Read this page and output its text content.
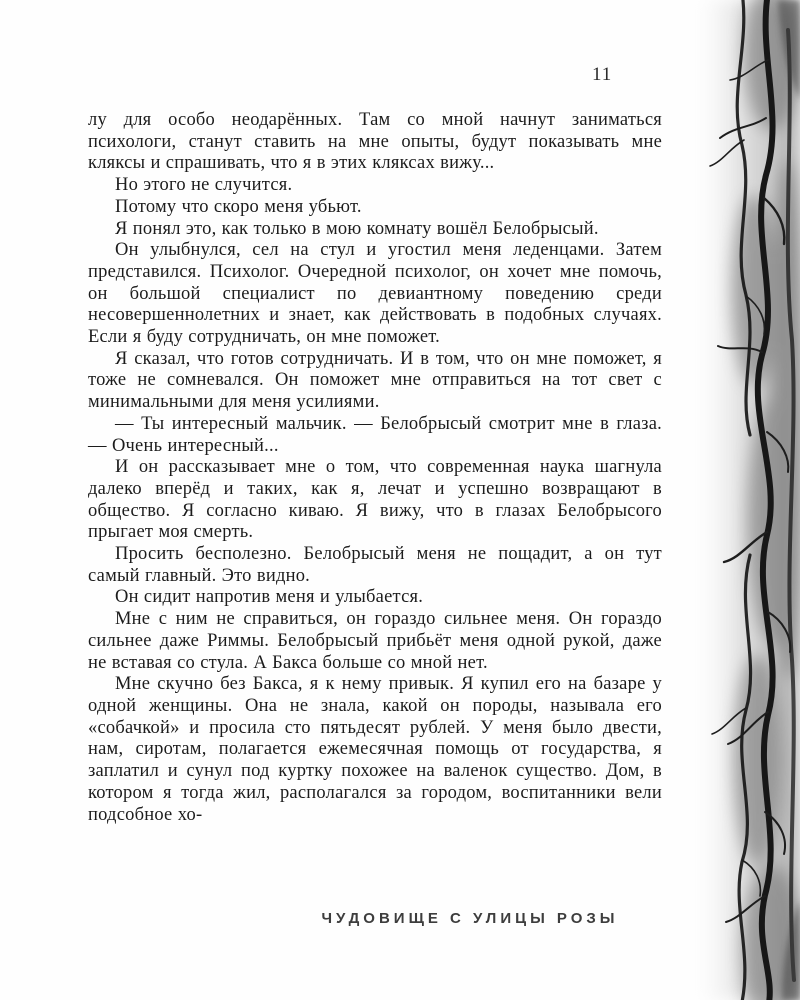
11

лу для особо неодарённых. Там со мной начнут заниматься психологи, станут ставить на мне опыты, будут показывать мне кляксы и спрашивать, что я в этих кляксах вижу...

Но этого не случится.

Потому что скоро меня убьют.

Я понял это, как только в мою комнату вошёл Белобрысый.

Он улыбнулся, сел на стул и угостил меня леденцами. Затем представился. Психолог. Очередной психолог, он хочет мне помочь, он большой специалист по девиантному поведению среди несовершеннолетних и знает, как действовать в подобных случаях. Если я буду сотрудничать, он мне поможет.

Я сказал, что готов сотрудничать. И в том, что он мне поможет, я тоже не сомневался. Он поможет мне отправиться на тот свет с минимальными для меня усилиями.

— Ты интересный мальчик. — Белобрысый смотрит мне в глаза. — Очень интересный...

И он рассказывает мне о том, что современная наука шагнула далеко вперёд и таких, как я, лечат и успешно возвращают в общество. Я согласно киваю. Я вижу, что в глазах Белобрысого прыгает моя смерть.

Просить бесполезно. Белобрысый меня не пощадит, а он тут самый главный. Это видно.

Он сидит напротив меня и улыбается.

Мне с ним не справиться, он гораздо сильнее меня. Он гораздо сильнее даже Риммы. Белобрысый прибьёт меня одной рукой, даже не вставая со стула. А Бакса больше со мной нет.

Мне скучно без Бакса, я к нему привык. Я купил его на базаре у одной женщины. Она не знала, какой он породы, называла его «собачкой» и просила сто пятьдесят рублей. У меня было двести, нам, сиротам, полагается ежемесячная помощь от государства, я заплатил и сунул под куртку похожее на валенок существо. Дом, в котором я тогда жил, располагался за городом, воспитанники вели подсобное хо-

ЧУДОВИЩЕ С УЛИЦЫ РОЗЫ
